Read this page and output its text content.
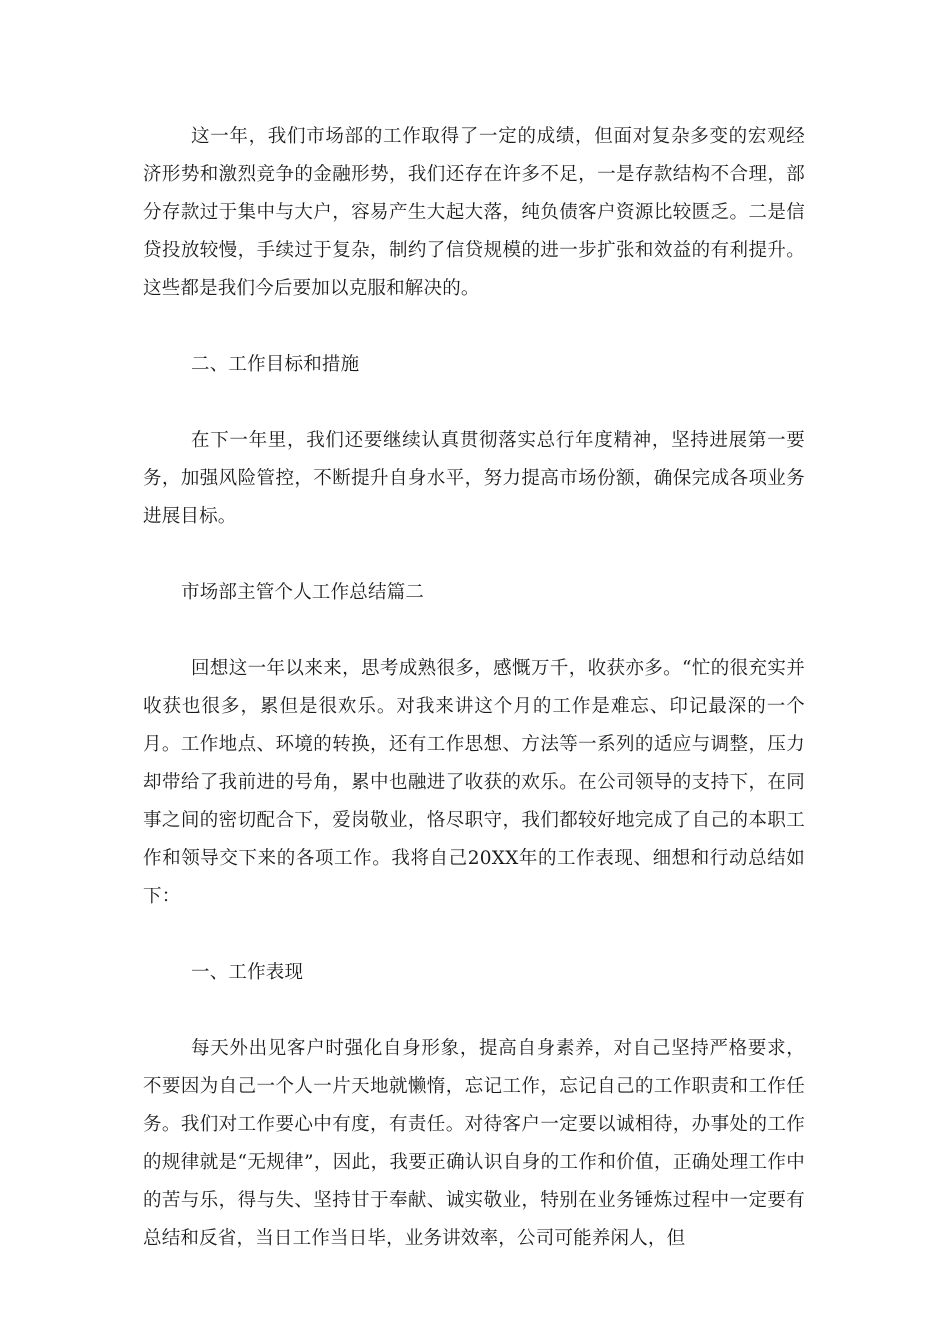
这一年，我们市场部的工作取得了一定的成绩，但面对复杂多变的宏观经济形势和激烈竞争的金融形势，我们还存在许多不足，一是存款结构不合理，部分存款过于集中与大户，容易产生大起大落，纯负债客户资源比较匮乏。二是信贷投放较慢，手续过于复杂，制约了信贷规模的进一步扩张和效益的有利提升。这些都是我们今后要加以克服和解决的。

二、工作目标和措施

在下一年里，我们还要继续认真贯彻落实总行年度精神，坚持进展第一要务，加强风险管控，不断提升自身水平，努力提高市场份额，确保完成各项业务进展目标。

市场部主管个人工作总结篇二

回想这一年以来来，思考成熟很多，感慨万千，收获亦多。“忙的很充实并收获也很多，累但是很欢乐。对我来讲这个月的工作是难忘、印记最深的一个月。工作地点、环境的转换，还有工作思想、方法等一系列的适应与调整，压力却带给了我前进的号角，累中也融进了收获的欢乐。在公司领导的支持下，在同事之间的密切配合下，爱岗敬业，恪尽职守，我们都较好地完成了自己的本职工作和领导交下来的各项工作。我将自己20XX年的工作表现、细想和行动总结如下：

一、工作表现

每天外出见客户时强化自身形象，提高自身素养，对自己坚持严格要求，不要因为自己一个人一片天地就懒惰，忘记工作，忘记自己的工作职责和工作任务。我们对工作要心中有度，有责任。对待客户一定要以诚相待，办事处的工作的规律就是“无规律”，因此，我要正确认识自身的工作和价值，正确处理工作中的苦与乐，得与失、坚持甘于奉献、诚实敬业，特别在业务锤炼过程中一定要有总结和反省，当日工作当日毕，业务讲效率，公司可能养闲人，但
